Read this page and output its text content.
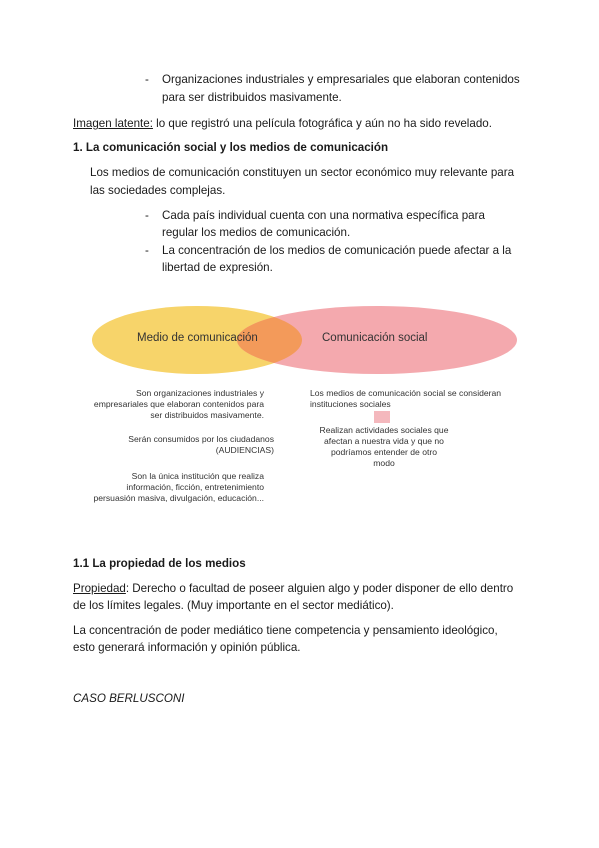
- Organizaciones industriales y empresariales que elaboran contenidos
para ser distribuidos masivamente.
Imagen latente: lo que registró una película fotográfica y aún no ha sido revelado.
1. La comunicación social y los medios de comunicación
Los medios de comunicación constituyen un sector económico muy relevante para
las sociedades complejas.
- Cada país individual cuenta con una normativa específica para
regular los medios de comunicación.
- La concentración de los medios de comunicación puede afectar a la
libertad de expresión.
Medio de comunicación	Comunicación social
Son organizaciones industriales y
empresariales que elaboran contenidos para
ser distribuidos masivamente.
Serán consumidos por los ciudadanos
(AUDIENCIAS)
Son la única institución que realiza
información, ficción, entretenimiento
persuasión masiva, divulgación, educación...
Los medios de comunicación social se consideran
instituciones sociales
Realizan actividades sociales que
afectan a nuestra vida y que no
podríamos entender de otro
modo
1.1 La propiedad de los medios
Propiedad: Derecho o facultad de poseer alguien algo y poder disponer de ello dentro
de los límites legales. (Muy importante en el sector mediático).
La concentración de poder mediático tiene competencia y pensamiento ideológico,
esto generará información y opinión pública.
CASO BERLUSCONI
